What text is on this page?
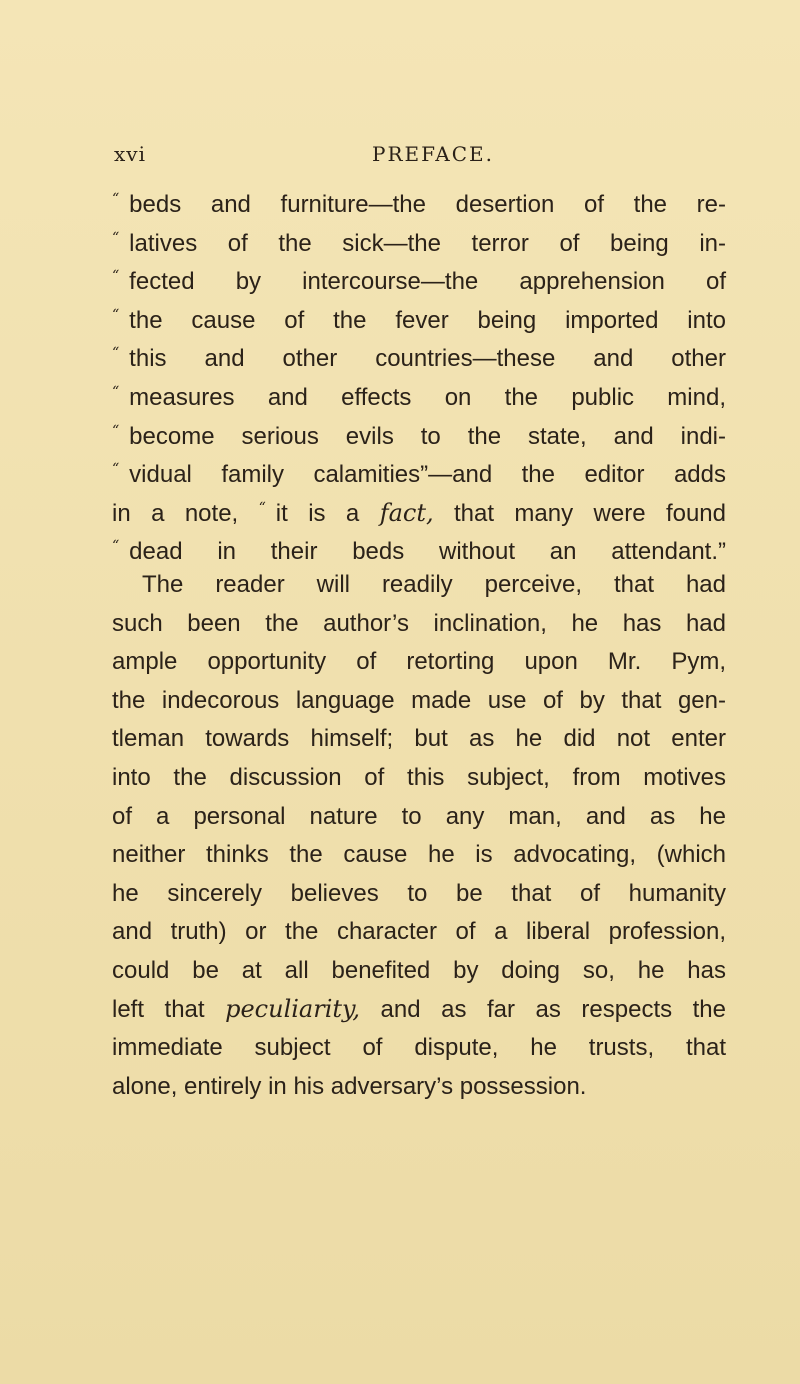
xvi	PREFACE.
“ beds and furniture—the desertion of the re-
“ latives of the sick—the terror of being in-
“ fected by intercourse—the apprehension of
“ the cause of the fever being imported into
“ this and other countries—these and other
“ measures and effects on the public mind,
“ become serious evils to the state, and indi-
“ vidual family calamities”—and the editor adds
in a note, “ it is a fact, that many were found
“ dead in their beds without an attendant.”
The reader will readily perceive, that had
such been the author’s inclination, he has had
ample opportunity of retorting upon Mr. Pym,
the indecorous language made use of by that gen-
tleman towards himself; but as he did not enter
into the discussion of this subject, from motives
of a personal nature to any man, and as he
neither thinks the cause he is advocating, (which
he sincerely believes to be that of humanity
and truth) or the character of a liberal profession,
could be at all benefited by doing so, he has
left that peculiarity, and as far as respects the
immediate subject of dispute, he trusts, that
alone, entirely in his adversary’s possession.
